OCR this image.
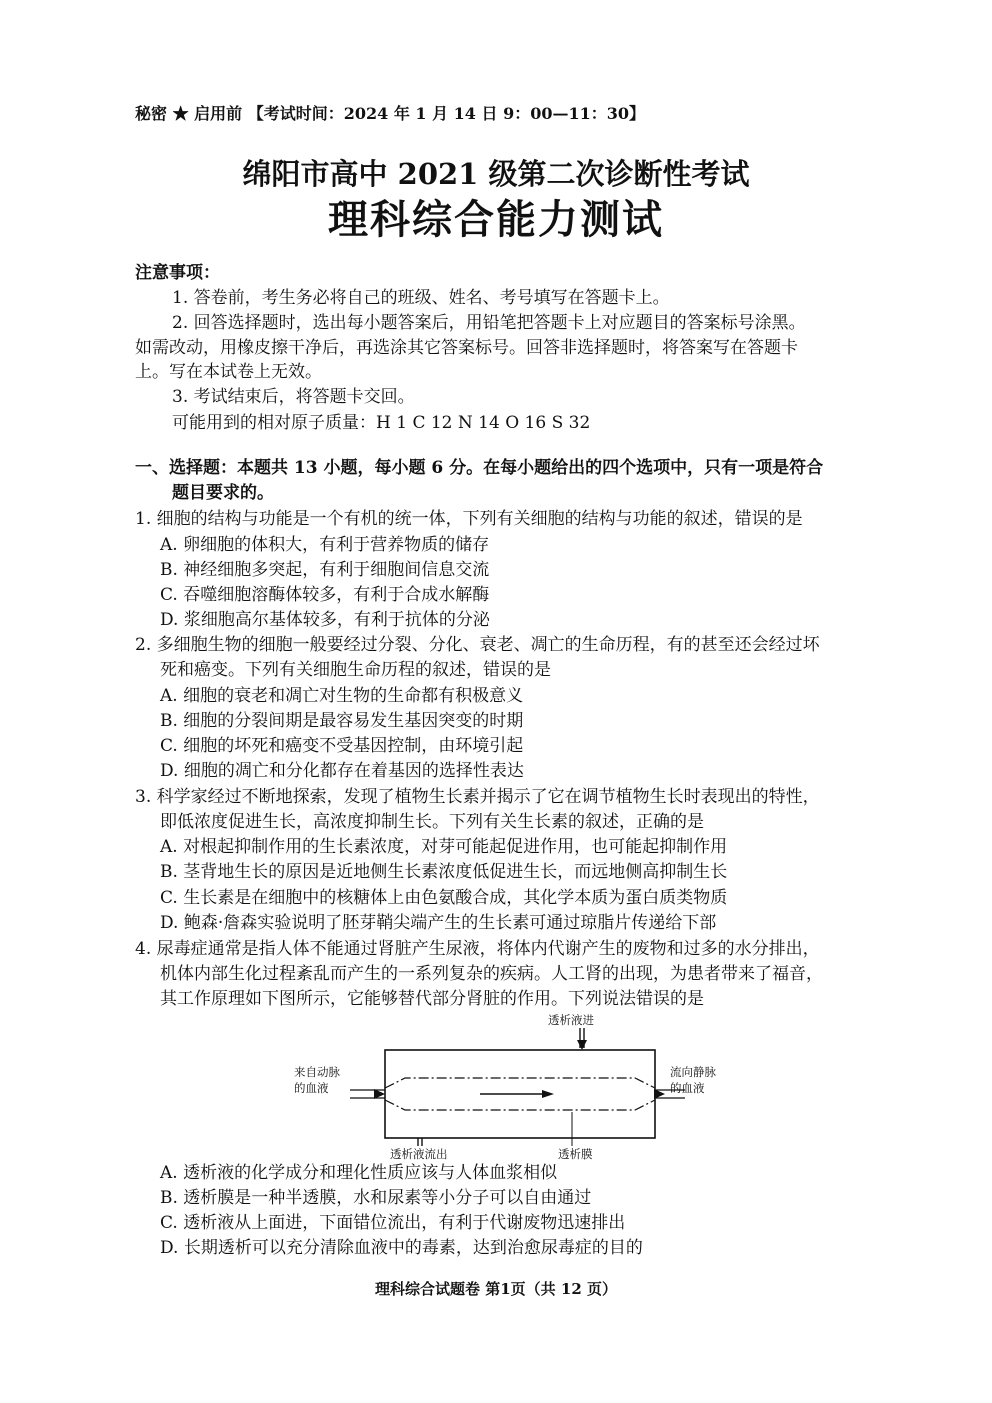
秘密 ★ 启用前 【考试时间：2024 年 1 月 14 日 9：00—11：30】
绵阳市高中 2021 级第二次诊断性考试
理科综合能力测试
注意事项：
1. 答卷前，考生务必将自己的班级、姓名、考号填写在答题卡上。
2. 回答选择题时，选出每小题答案后，用铅笔把答题卡上对应题目的答案标号涂黑。
如需改动，用橡皮擦干净后，再选涂其它答案标号。回答非选择题时，将答案写在答题卡
上。写在本试卷上无效。
3. 考试结束后，将答题卡交回。
可能用到的相对原子质量：H 1 C 12 N 14 O 16 S 32
一、选择题：本题共 13 小题，每小题 6 分。在每小题给出的四个选项中，只有一项是符合
题目要求的。
1. 细胞的结构与功能是一个有机的统一体，下列有关细胞的结构与功能的叙述，错误的是
A. 卵细胞的体积大，有利于营养物质的储存
B. 神经细胞多突起，有利于细胞间信息交流
C. 吞噬细胞溶酶体较多，有利于合成水解酶
D. 浆细胞高尔基体较多，有利于抗体的分泌
2. 多细胞生物的细胞一般要经过分裂、分化、衰老、凋亡的生命历程，有的甚至还会经过坏
死和癌变。下列有关细胞生命历程的叙述，错误的是
A. 细胞的衰老和凋亡对生物的生命都有积极意义
B. 细胞的分裂间期是最容易发生基因突变的时期
C. 细胞的坏死和癌变不受基因控制，由环境引起
D. 细胞的凋亡和分化都存在着基因的选择性表达
3. 科学家经过不断地探索，发现了植物生长素并揭示了它在调节植物生长时表现出的特性，
即低浓度促进生长，高浓度抑制生长。下列有关生长素的叙述，正确的是
A. 对根起抑制作用的生长素浓度，对芽可能起促进作用，也可能起抑制作用
B. 茎背地生长的原因是近地侧生长素浓度低促进生长，而远地侧高抑制生长
C. 生长素是在细胞中的核糖体上由色氨酸合成，其化学本质为蛋白质类物质
D. 鲍森·詹森实验说明了胚芽鞘尖端产生的生长素可通过琼脂片传递给下部
4. 尿毒症通常是指人体不能通过肾脏产生尿液，将体内代谢产生的废物和过多的水分排出，
机体内部生化过程紊乱而产生的一系列复杂的疾病。人工肾的出现，为患者带来了福音，
其工作原理如下图所示，它能够替代部分肾脏的作用。下列说法错误的是
透析液进
来自动脉
的血液
流向静脉
的血液
透析液流出	透析膜
A. 透析液的化学成分和理化性质应该与人体血浆相似
B. 透析膜是一种半透膜，水和尿素等小分子可以自由通过
C. 透析液从上面进，下面错位流出，有利于代谢废物迅速排出
D. 长期透析可以充分清除血液中的毒素，达到治愈尿毒症的目的
理科综合试题卷 第1页（共 12 页）
